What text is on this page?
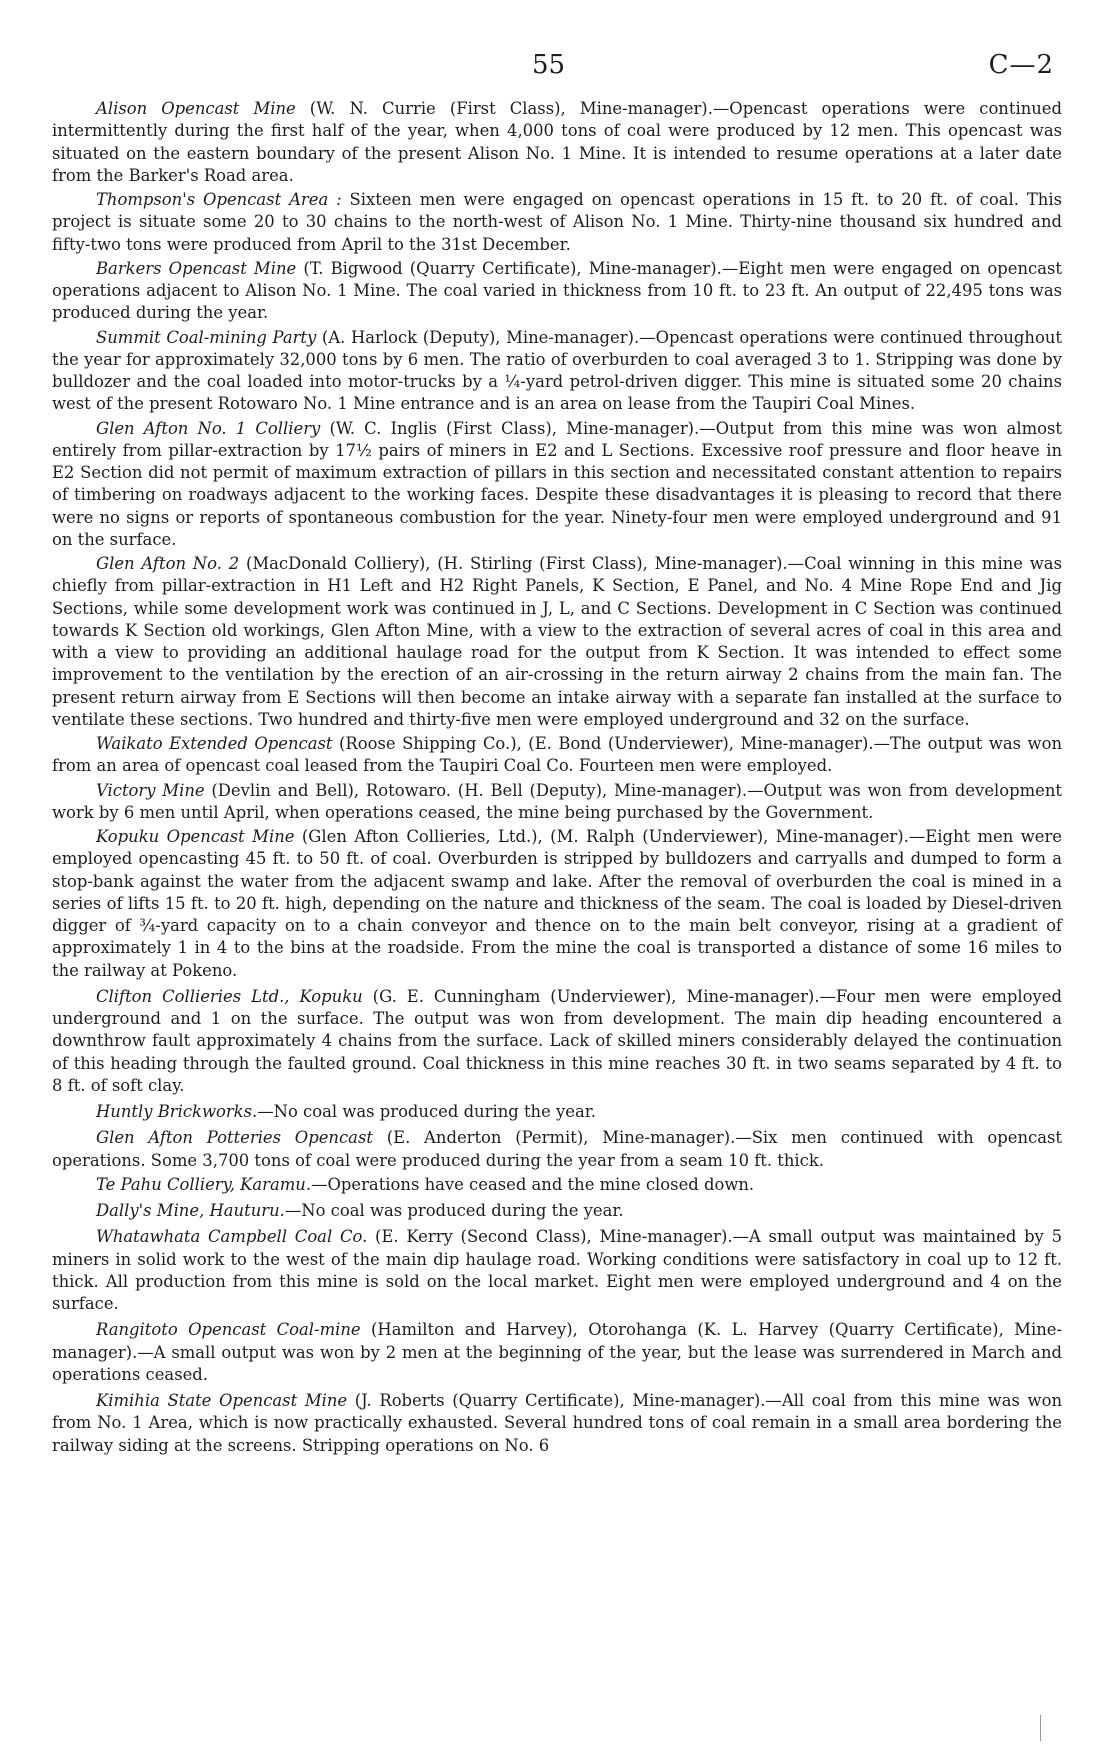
55	C—2

Alison Opencast Mine (W. N. Currie (First Class), Mine-manager).—Opencast operations were continued intermittently during the first half of the year, when 4,000 tons of coal were produced by 12 men. This opencast was situated on the eastern boundary of the present Alison No. 1 Mine. It is intended to resume operations at a later date from the Barker's Road area.

Thompson's Opencast Area : Sixteen men were engaged on opencast operations in 15 ft. to 20 ft. of coal. This project is situate some 20 to 30 chains to the north-west of Alison No. 1 Mine. Thirty-nine thousand six hundred and fifty-two tons were produced from April to the 31st December.

Barkers Opencast Mine (T. Bigwood (Quarry Certificate), Mine-manager).—Eight men were engaged on opencast operations adjacent to Alison No. 1 Mine. The coal varied in thickness from 10 ft. to 23 ft. An output of 22,495 tons was produced during the year.

Summit Coal-mining Party (A. Harlock (Deputy), Mine-manager).—Opencast operations were continued throughout the year for approximately 32,000 tons by 6 men. The ratio of overburden to coal averaged 3 to 1. Stripping was done by bulldozer and the coal loaded into motor-trucks by a ¼-yard petrol-driven digger. This mine is situated some 20 chains west of the present Rotowaro No. 1 Mine entrance and is an area on lease from the Taupiri Coal Mines.

Glen Afton No. 1 Colliery (W. C. Inglis (First Class), Mine-manager).—Output from this mine was won almost entirely from pillar-extraction by 17½ pairs of miners in E2 and L Sections. Excessive roof pressure and floor heave in E2 Section did not permit of maximum extraction of pillars in this section and necessitated constant attention to repairs of timbering on roadways adjacent to the working faces. Despite these disadvantages it is pleasing to record that there were no signs or reports of spontaneous combustion for the year. Ninety-four men were employed underground and 91 on the surface.

Glen Afton No. 2 (MacDonald Colliery), (H. Stirling (First Class), Mine-manager).—Coal winning in this mine was chiefly from pillar-extraction in H1 Left and H2 Right Panels, K Section, E Panel, and No. 4 Mine Rope End and Jig Sections, while some development work was continued in J, L, and C Sections. Development in C Section was continued towards K Section old workings, Glen Afton Mine, with a view to the extraction of several acres of coal in this area and with a view to providing an additional haulage road for the output from K Section. It was intended to effect some improvement to the ventilation by the erection of an air-crossing in the return airway 2 chains from the main fan. The present return airway from E Sections will then become an intake airway with a separate fan installed at the surface to ventilate these sections. Two hundred and thirty-five men were employed underground and 32 on the surface.

Waikato Extended Opencast (Roose Shipping Co.), (E. Bond (Underviewer), Mine-manager).—The output was won from an area of opencast coal leased from the Taupiri Coal Co. Fourteen men were employed.

Victory Mine (Devlin and Bell), Rotowaro. (H. Bell (Deputy), Mine-manager).—Output was won from development work by 6 men until April, when operations ceased, the mine being purchased by the Government.

Kopuku Opencast Mine (Glen Afton Collieries, Ltd.), (M. Ralph (Underviewer), Mine-manager).—Eight men were employed opencasting 45 ft. to 50 ft. of coal. Overburden is stripped by bulldozers and carryalls and dumped to form a stop-bank against the water from the adjacent swamp and lake. After the removal of overburden the coal is mined in a series of lifts 15 ft. to 20 ft. high, depending on the nature and thickness of the seam. The coal is loaded by Diesel-driven digger of ¾-yard capacity on to a chain conveyor and thence on to the main belt conveyor, rising at a gradient of approximately 1 in 4 to the bins at the roadside. From the mine the coal is transported a distance of some 16 miles to the railway at Pokeno.

Clifton Collieries Ltd., Kopuku (G. E. Cunningham (Underviewer), Mine-manager).—Four men were employed underground and 1 on the surface. The output was won from development. The main dip heading encountered a downthrow fault approximately 4 chains from the surface. Lack of skilled miners considerably delayed the continuation of this heading through the faulted ground. Coal thickness in this mine reaches 30 ft. in two seams separated by 4 ft. to 8 ft. of soft clay.

Huntly Brickworks.—No coal was produced during the year.

Glen Afton Potteries Opencast (E. Anderton (Permit), Mine-manager).—Six men continued with opencast operations. Some 3,700 tons of coal were produced during the year from a seam 10 ft. thick.

Te Pahu Colliery, Karamu.—Operations have ceased and the mine closed down.

Dally's Mine, Hauturu.—No coal was produced during the year.

Whatawhata Campbell Coal Co. (E. Kerry (Second Class), Mine-manager).—A small output was maintained by 5 miners in solid work to the west of the main dip haulage road. Working conditions were satisfactory in coal up to 12 ft. thick. All production from this mine is sold on the local market. Eight men were employed underground and 4 on the surface.

Rangitoto Opencast Coal-mine (Hamilton and Harvey), Otorohanga (K. L. Harvey (Quarry Certificate), Mine-manager).—A small output was won by 2 men at the beginning of the year, but the lease was surrendered in March and operations ceased.

Kimihia State Opencast Mine (J. Roberts (Quarry Certificate), Mine-manager).—All coal from this mine was won from No. 1 Area, which is now practically exhausted. Several hundred tons of coal remain in a small area bordering the railway siding at the screens. Stripping operations on No. 6
